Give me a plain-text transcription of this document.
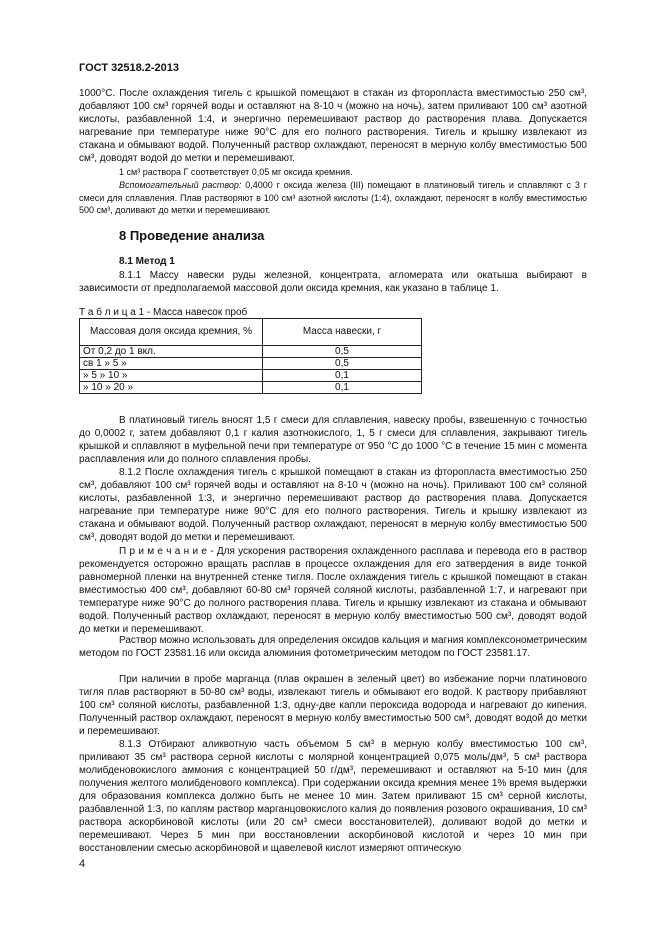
ГОСТ 32518.2-2013

1000°С. После охлаждения тигель с крышкой помещают в стакан из фторопласта вместимостью 250 см³, добавляют 100 см³ горячей воды и оставляют на 8-10 ч (можно на ночь), затем приливают 100 см³ азотной кислоты, разбавленной 1:4, и энергично перемешивают раствор до растворения плава. Допускается нагревание при температуре ниже 90°С для его полного растворения. Тигель и крышку извлекают из стакана и обмывают водой. Полученный раствор охлаждают, переносят в мерную колбу вместимостью 500 см³, доводят водой до метки и перемешивают.

1 см³ раствора Г соответствует 0,05 мг оксида кремния.

Вспомогательный раствор: 0,4000 г оксида железа (III) помещают в платиновый тигель и сплавляют с 3 г смеси для сплавления. Плав растворяют в 100 см³ азотной кислоты (1:4), охлаждают, переносят в колбу вместимостью 500 см³, доливают до метки и перемешивают.

8 Проведение анализа
8.1 Метод 1

8.1.1 Массу навески руды железной, концентрата, агломерата или окатыша выбирают в зависимости от предполагаемой массовой доли оксида кремния, как указано в таблице 1.

Т а б л и ц а 1 - Масса навесок проб
Массовая доля оксида кремния, %	Масса навески, г
От 0,2 до 1 вкл.	0,5
св 1 » 5 »	0,5
» 5 » 10 »	0,1
» 10 » 20 »	0,1

В платиновый тигель вносят 1,5 г смеси для сплавления, навеску пробы, взвешенную с точностью до 0,0002 г, затем добавляют 0,1 г калия азотнокислого, 1, 5 г смеси для сплавления, закрывают тигель крышкой и сплавляют в муфельной печи при температуре от 950 °С до 1000 °С в течение 15 мин с момента расплавления или до полного сплавления пробы.

8.1.2 После охлаждения тигель с крышкой помещают в стакан из фторопласта вместимостью 250 см³, добавляют 100 см³ горячей воды и оставляют на 8-10 ч (можно на ночь). Приливают 100 см³ соляной кислоты, разбавленной 1:3, и энергично перемешивают раствор до растворения плава. Допускается нагревание при температуре ниже 90°С для его полного растворения. Тигель и крышку извлекают из стакана и обмывают водой. Полученный раствор охлаждают, переносят в мерную колбу вместимостью 500 см³, доводят водой до метки и перемешивают.

П р и м е ч а н и е - Для ускорения растворения охлажденного расплава и перевода его в раствор рекомендуется осторожно вращать расплав в процессе охлаждения для его затвердения в виде тонкой равномерной пленки на внутренней стенке тигля. После охлаждения тигель с крышкой помещают в стакан вместимостью 400 см³, добавляют 60-80 см³ горячей соляной кислоты, разбавленной 1:7, и нагревают при температуре ниже 90°С до полного растворения плава. Тигель и крышку извлекают из стакана и обмывают водой. Полученный раствор охлаждают, переносят в мерную колбу вместимостью 500 см³, доводят водой до метки и перемешивают.

Раствор можно использовать для определения оксидов кальция и магния комплексонометрическим методом по ГОСТ 23581.16 или оксида алюминия фотометрическим методом по ГОСТ 23581.17.

При наличии в пробе марганца (плав окрашен в зеленый цвет) во избежание порчи платинового тигля плав растворяют в 50-80 см³ воды, извлекают тигель и обмывают его водой. К раствору прибавляют 100 см³ соляной кислоты, разбавленной 1:3, одну-две капли пероксида водорода и нагревают до кипения. Полученный раствор охлаждают, переносят в мерную колбу вместимостью 500 см³, доводят водой до метки и перемешивают.

8.1.3 Отбирают аликвотную часть объемом 5 см³ в мерную колбу вместимостью 100 см³, приливают 35 см³ раствора серной кислоты с молярной концентрацией 0,075 моль/дм³, 5 см³ раствора молибденовокислого аммония с концентрацией 50 г/дм³, перемешивают и оставляют на 5-10 мин (для получения желтого молибденового комплекса). При содержании оксида кремния менее 1% время выдержки для образования комплекса должно быть не менее 10 мин. Затем приливают 15 см³ серной кислоты, разбавленной 1:3, по каплям раствор марганцовокислого калия до появления розового окрашивания, 10 см³ раствора аскорбиновой кислоты (или 20 см³ смеси восстановителей), доливают водой до метки и перемешивают. Через 5 мин при восстановлении аскорбиновой кислотой и через 10 мин при восстановлении смесью аскорбиновой и щавелевой кислот измеряют оптическую

4
